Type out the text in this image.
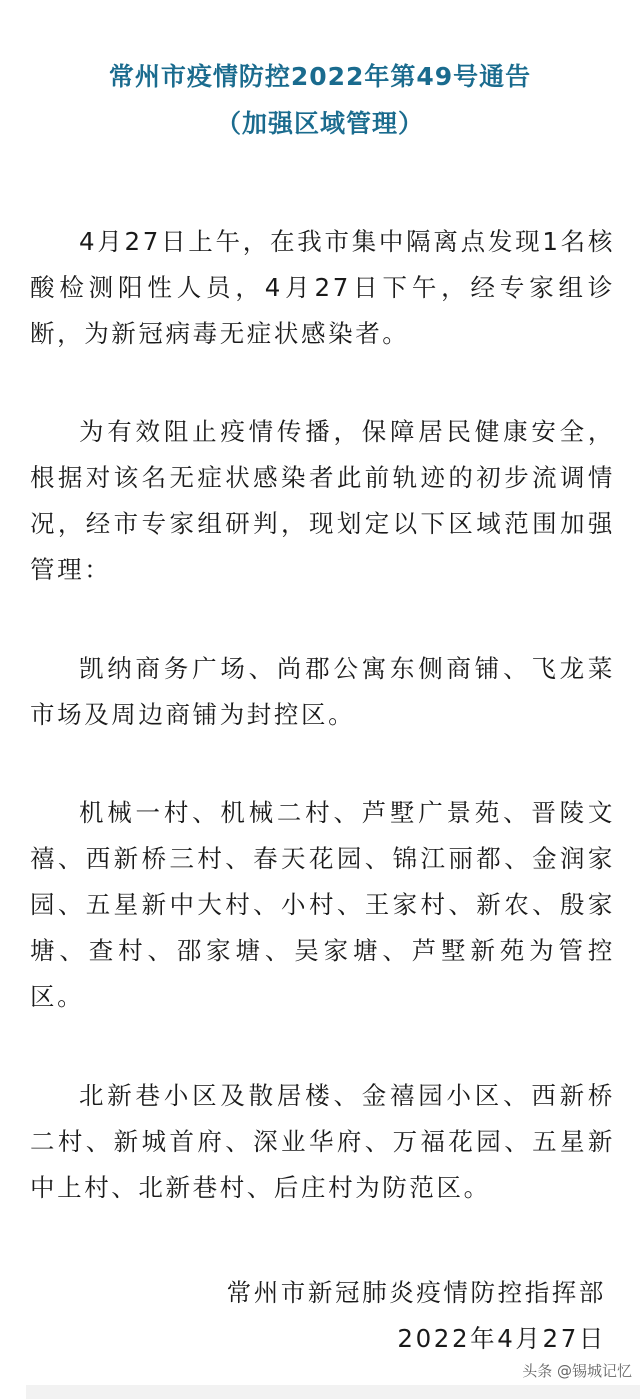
常州市疫情防控2022年第49号通告
（加强区域管理）

4月27日上午，在我市集中隔离点发现1名核酸检测阳性人员，4月27日下午，经专家组诊断，为新冠病毒无症状感染者。

为有效阻止疫情传播，保障居民健康安全，根据对该名无症状感染者此前轨迹的初步流调情况，经市专家组研判，现划定以下区域范围加强管理：

凯纳商务广场、尚郡公寓东侧商铺、飞龙菜市场及周边商铺为封控区。

机械一村、机械二村、芦墅广景苑、晋陵文禧、西新桥三村、春天花园、锦江丽都、金润家园、五星新中大村、小村、王家村、新农、殷家塘、查村、邵家塘、吴家塘、芦墅新苑为管控区。

北新巷小区及散居楼、金禧园小区、西新桥二村、新城首府、深业华府、万福花园、五星新中上村、北新巷村、后庄村为防范区。

常州市新冠肺炎疫情防控指挥部
2022年4月27日
头条 @锡城记忆
